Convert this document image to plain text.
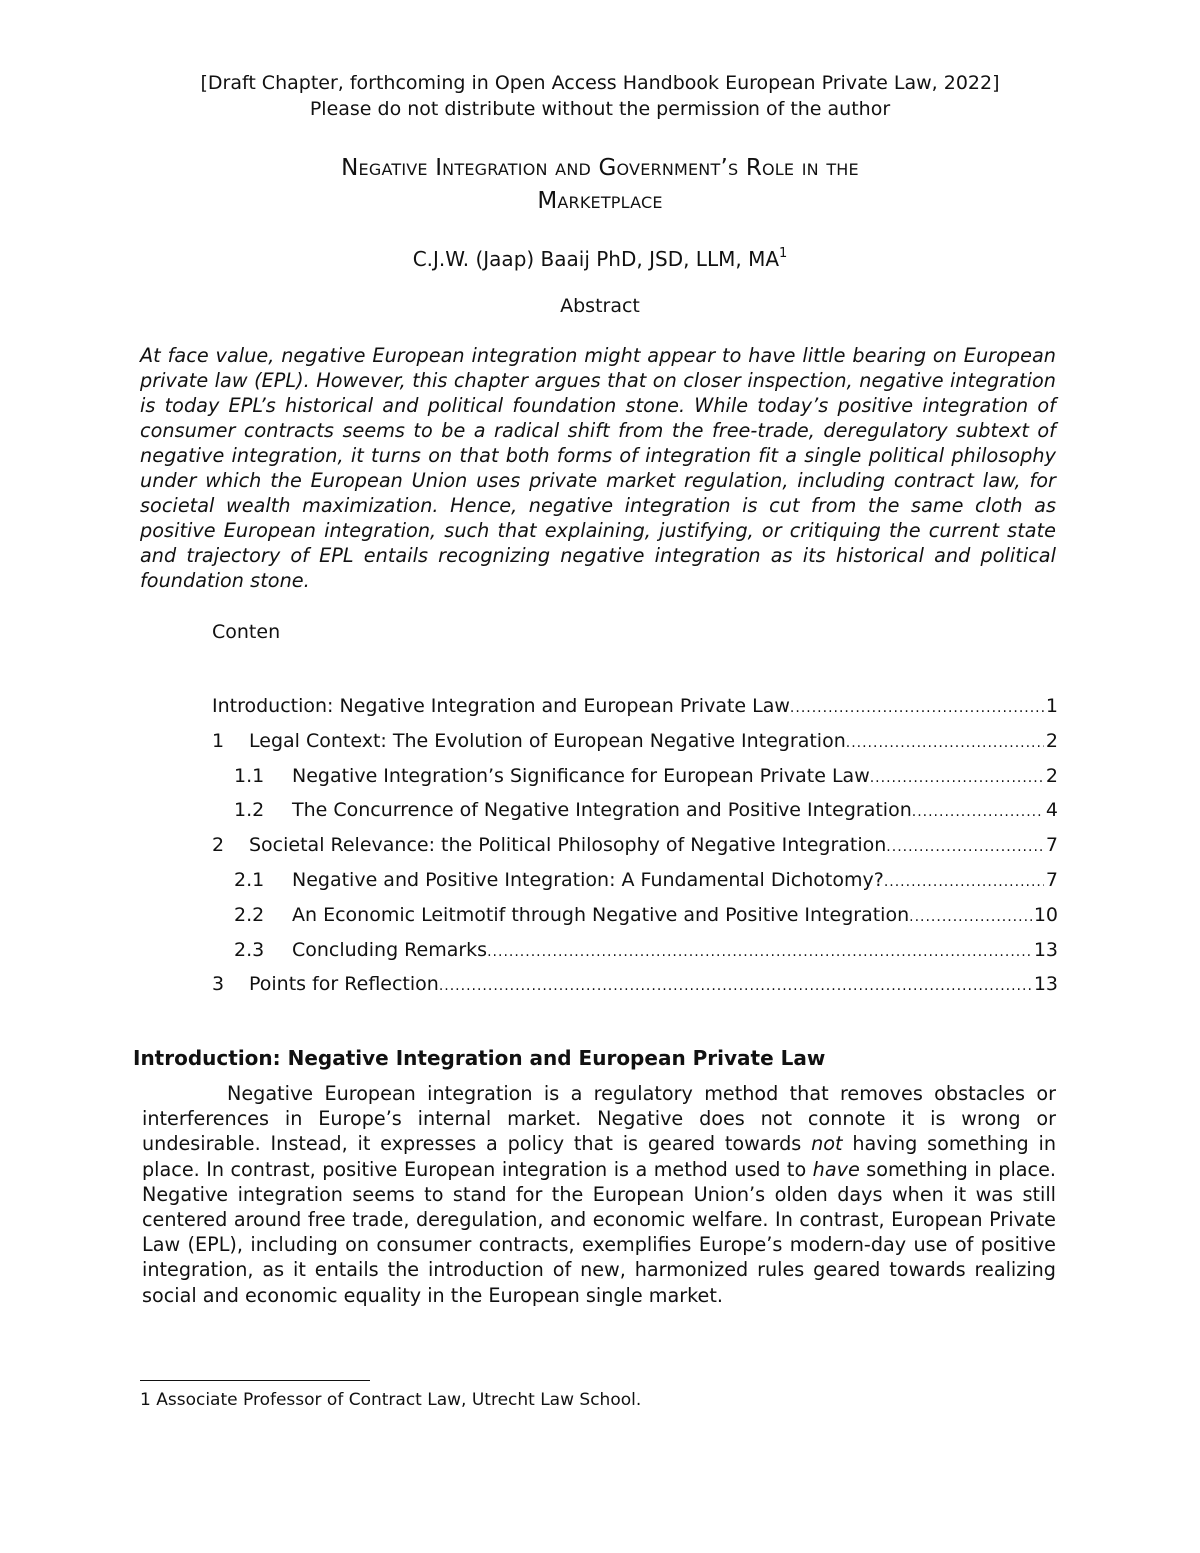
[Draft Chapter, forthcoming in Open Access Handbook European Private Law, 2022]
Please do not distribute without the permission of the author
Negative Integration and Government’s Role in the
Marketplace
C.J.W. (Jaap) Baaij PhD, JSD, LLM, $MA^1$
Abstract
At face value, negative European integration might appear to have little bearing on European private law (EPL). However, this chapter argues that on closer inspection, negative integration is today EPL’s historical and political foundation stone. While today’s positive integration of consumer contracts seems to be a radical shift from the free-trade, deregulatory subtext of negative integration, it turns on that both forms of integration fit a single political philosophy under which the European Union uses private market regulation, including contract law, for societal wealth maximization. Hence, negative integration is cut from the same cloth as positive European integration, such that explaining, justifying, or critiquing the current state and trajectory of EPL entails recognizing negative integration as its historical and political foundation stone.
Conten
Introduction: Negative Integration and European Private Law .....	1
1	Legal Context: The Evolution of European Negative Integration .....	2
1.1	Negative Integration’s Significance for European Private Law .....	2
1.2	The Concurrence of Negative Integration and Positive Integration .....	4
2	Societal Relevance: the Political Philosophy of Negative Integration .....	7
2.1	Negative and Positive Integration: A Fundamental Dichotomy? .....	7
2.2	An Economic Leitmotif through Negative and Positive Integration .....	10
2.3	Concluding Remarks .....	13
3	Points for Reflection .....	13
Introduction: Negative Integration and European Private Law

Negative European integration is a regulatory method that removes obstacles or interferences in Europe’s internal market. Negative does not connote it is wrong or undesirable. Instead, it expresses a policy that is geared towards not having something in place. In contrast, positive European integration is a method used to have something in place. Negative integration seems to stand for the European Union’s olden days when it was still centered around free trade, deregulation, and economic welfare. In contrast, European Private Law (EPL), including on consumer contracts, exemplifies Europe’s modern-day use of positive integration, as it entails the introduction of new, harmonized rules geared towards realizing social and economic equality in the European single market.

1 Associate Professor of Contract Law, Utrecht Law School.
